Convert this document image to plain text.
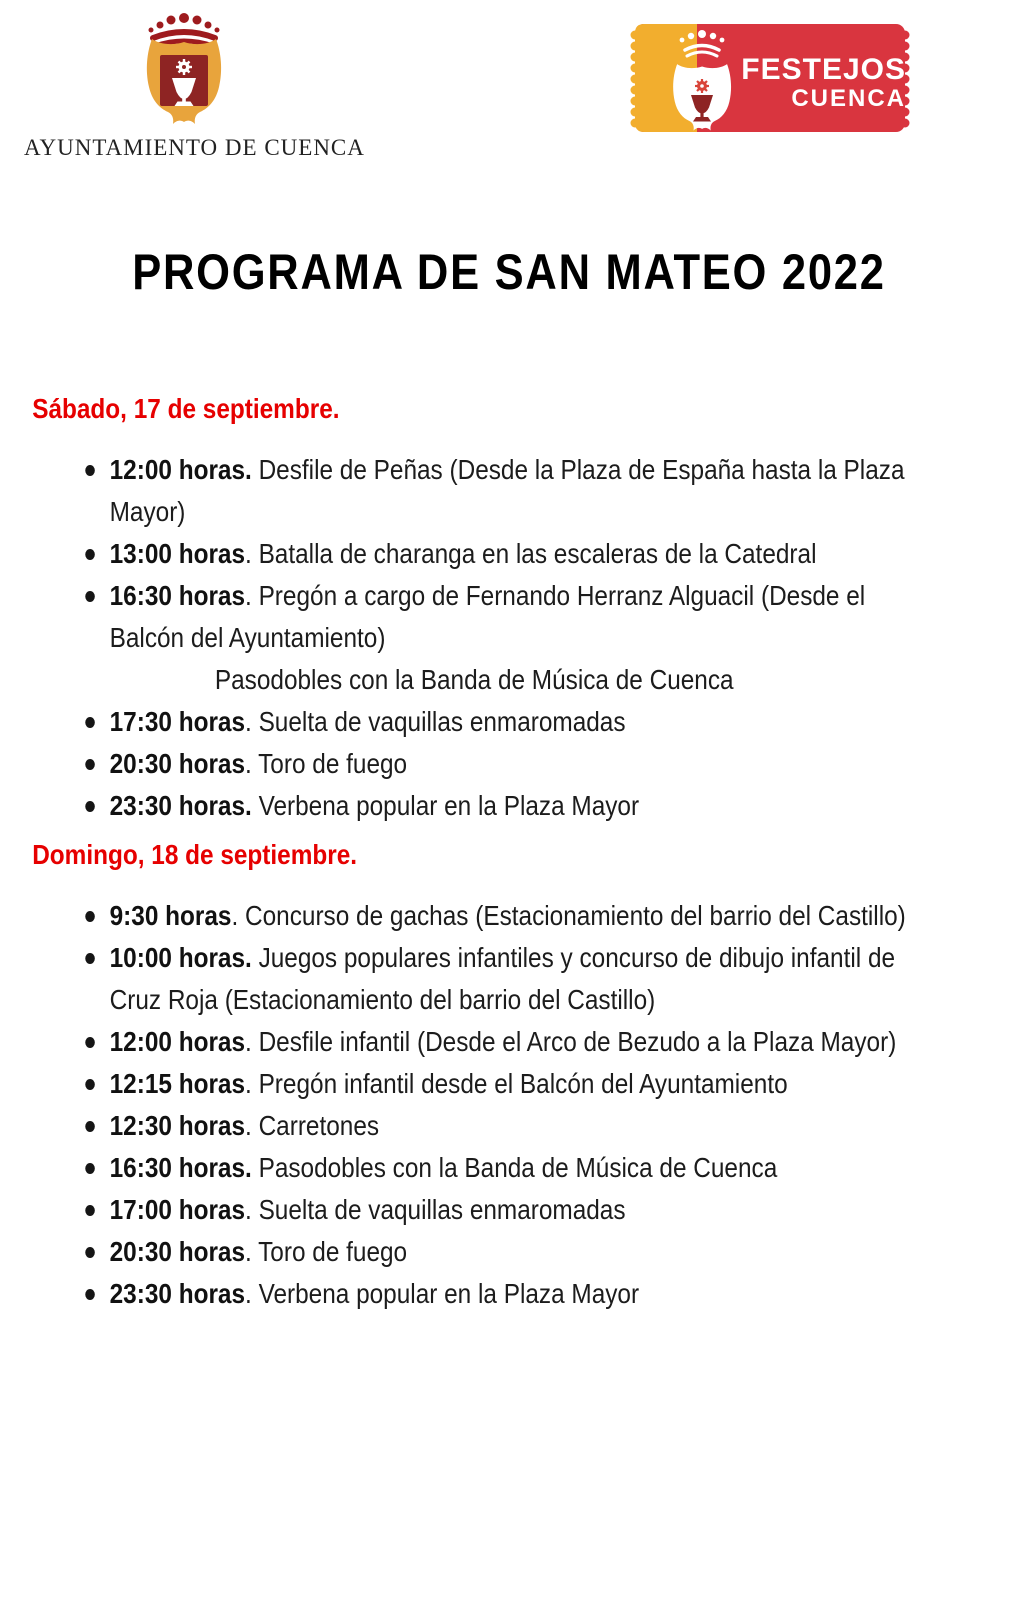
AYUNTAMIENTO DE CUENCA
FESTEJOS
CUENCA
PROGRAMA DE SAN MATEO 2022
Sábado, 17 de septiembre.
12:00 horas. Desfile de Peñas (Desde la Plaza de España hasta la Plaza Mayor)
13:00 horas. Batalla de charanga en las escaleras de la Catedral
16:30 horas. Pregón a cargo de Fernando Herranz Alguacil (Desde el Balcón del Ayuntamiento)
Pasodobles con la Banda de Música de Cuenca
17:30 horas. Suelta de vaquillas enmaromadas
20:30 horas. Toro de fuego
23:30 horas. Verbena popular en la Plaza Mayor
Domingo, 18 de septiembre.
9:30 horas. Concurso de gachas (Estacionamiento del barrio del Castillo)
10:00 horas. Juegos populares infantiles y concurso de dibujo infantil de Cruz Roja (Estacionamiento del barrio del Castillo)
12:00 horas. Desfile infantil (Desde el Arco de Bezudo a la Plaza Mayor)
12:15 horas. Pregón infantil desde el Balcón del Ayuntamiento
12:30 horas. Carretones
16:30 horas. Pasodobles con la Banda de Música de Cuenca
17:00 horas. Suelta de vaquillas enmaromadas
20:30 horas. Toro de fuego
23:30 horas. Verbena popular en la Plaza Mayor
